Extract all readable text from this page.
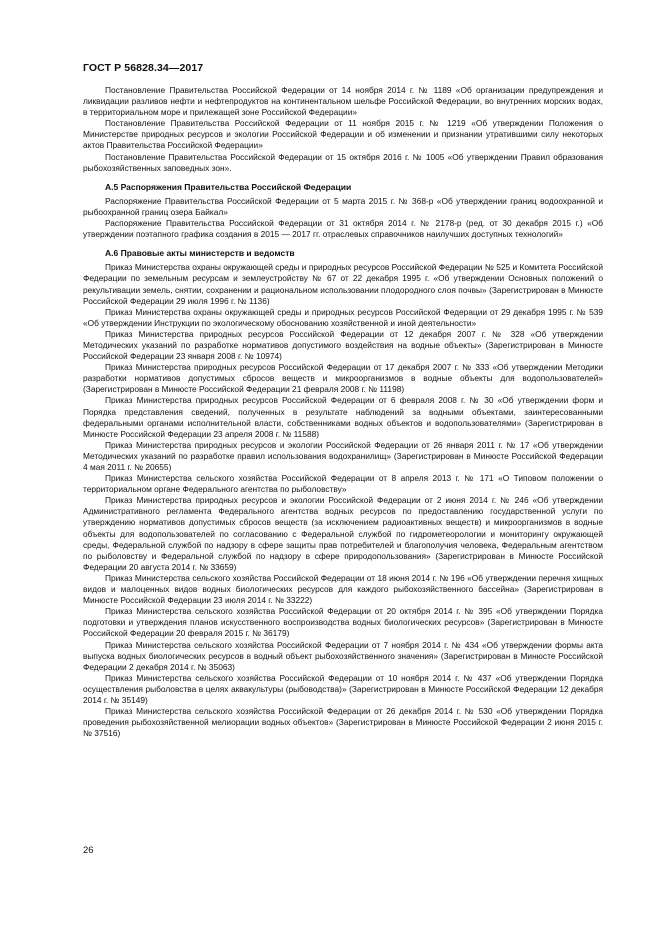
ГОСТ Р 56828.34—2017

Постановление Правительства Российской Федерации от 14 ноября 2014 г. № 1189 «Об организации предупреждения и ликвидации разливов нефти и нефтепродуктов на континентальном шельфе Российской Федерации, во внутренних морских водах, в территориальном море и прилежащей зоне Российской Федерации»

Постановление Правительства Российской Федерации от 11 ноября 2015 г. № 1219 «Об утверждении Положения о Министерстве природных ресурсов и экологии Российской Федерации и об изменении и признании утратившими силу некоторых актов Правительства Российской Федерации»

Постановление Правительства Российской Федерации от 15 октября 2016 г. № 1005 «Об утверждении Правил образования рыбохозяйственных заповедных зон».

А.5 Распоряжения Правительства Российской Федерации

Распоряжение Правительства Российской Федерации от 5 марта 2015 г. № 368-р «Об утверждении границ водоохранной и рыбоохранной границ озера Байкал»

Распоряжение Правительства Российской Федерации от 31 октября 2014 г. № 2178-р (ред. от 30 декабря 2015 г.) «Об утверждении поэтапного графика создания в 2015 — 2017 гг. отраслевых справочников наилучших доступных технологий»

А.6 Правовые акты министерств и ведомств

Приказ Министерства охраны окружающей среды и природных ресурсов Российской Федерации № 525 и Комитета Российской Федерации по земельным ресурсам и землеустройству № 67 от 22 декабря 1995 г. «Об утверждении Основных положений о рекультивации земель, снятии, сохранении и рациональном использовании плодородного слоя почвы» (Зарегистрирован в Минюсте Российской Федерации 29 июля 1996 г. № 1136)

Приказ Министерства охраны окружающей среды и природных ресурсов Российской Федерации от 29 декабря 1995 г. № 539 «Об утверждении Инструкции по экологическому обоснованию хозяйственной и иной деятельности»

Приказ Министерства природных ресурсов Российской Федерации от 12 декабря 2007 г. № 328 «Об утверждении Методических указаний по разработке нормативов допустимого воздействия на водные объекты» (Зарегистрирован в Минюсте Российской Федерации 23 января 2008 г. № 10974)

Приказ Министерства природных ресурсов Российской Федерации от 17 декабря 2007 г. № 333 «Об утверждении Методики разработки нормативов допустимых сбросов веществ и микроорганизмов в водные объекты для водопользователей» (Зарегистрирован в Минюсте Российской Федерации 21 февраля 2008 г. № 11198)

Приказ Министерства природных ресурсов Российской Федерации от 6 февраля 2008 г. № 30 «Об утверждении форм и Порядка представления сведений, полученных в результате наблюдений за водными объектами, заинтересованными федеральными органами исполнительной власти, собственниками водных объектов и водопользователями» (Зарегистрирован в Минюсте Российской Федерации 23 апреля 2008 г. № 11588)

Приказ Министерства природных ресурсов и экологии Российской Федерации от 26 января 2011 г. № 17 «Об утверждении Методических указаний по разработке правил использования водохранилищ» (Зарегистрирован в Минюсте Российской Федерации 4 мая 2011 г. № 20655)

Приказ Министерства сельского хозяйства Российской Федерации от 8 апреля 2013 г. № 171 «О Типовом положении о территориальном органе Федерального агентства по рыболовству»

Приказ Министерства природных ресурсов и экологии Российской Федерации от 2 июня 2014 г. № 246 «Об утверждении Административного регламента Федерального агентства водных ресурсов по предоставлению государственной услуги по утверждению нормативов допустимых сбросов веществ (за исключением радиоактивных веществ) и микроорганизмов в водные объекты для водопользователей по согласованию с Федеральной службой по гидрометеорологии и мониторингу окружающей среды, Федеральной службой по надзору в сфере защиты прав потребителей и благополучия человека, Федеральным агентством по рыболовству и Федеральной службой по надзору в сфере природопользования» (Зарегистрирован в Минюсте Российской Федерации 20 августа 2014 г. № 33659)

Приказ Министерства сельского хозяйства Российской Федерации от 18 июня 2014 г. № 196 «Об утверждении перечня хищных видов и малоценных видов водных биологических ресурсов для каждого рыбохозяйственного бассейна» (Зарегистрирован в Минюсте Российской Федерации 23 июля 2014 г. № 33222)

Приказ Министерства сельского хозяйства Российской Федерации от 20 октября 2014 г. № 395 «Об утверждении Порядка подготовки и утверждения планов искусственного воспроизводства водных биологических ресурсов» (Зарегистрирован в Минюсте Российской Федерации 20 февраля 2015 г. № 36179)

Приказ Министерства сельского хозяйства Российской Федерации от 7 ноября 2014 г. № 434 «Об утверждении формы акта выпуска водных биологических ресурсов в водный объект рыбохозяйственного значения» (Зарегистрирован в Минюсте Российской Федерации 2 декабря 2014 г. № 35063)

Приказ Министерства сельского хозяйства Российской Федерации от 10 ноября 2014 г. № 437 «Об утверждении Порядка осуществления рыболовства в целях аквакультуры (рыбоводства)» (Зарегистрирован в Минюсте Российской Федерации 12 декабря 2014 г. № 35149)

Приказ Министерства сельского хозяйства Российской Федерации от 26 декабря 2014 г. № 530 «Об утверждении Порядка проведения рыбохозяйственной мелиорации водных объектов» (Зарегистрирован в Минюсте Российской Федерации 2 июня 2015 г. № 37516)

26
